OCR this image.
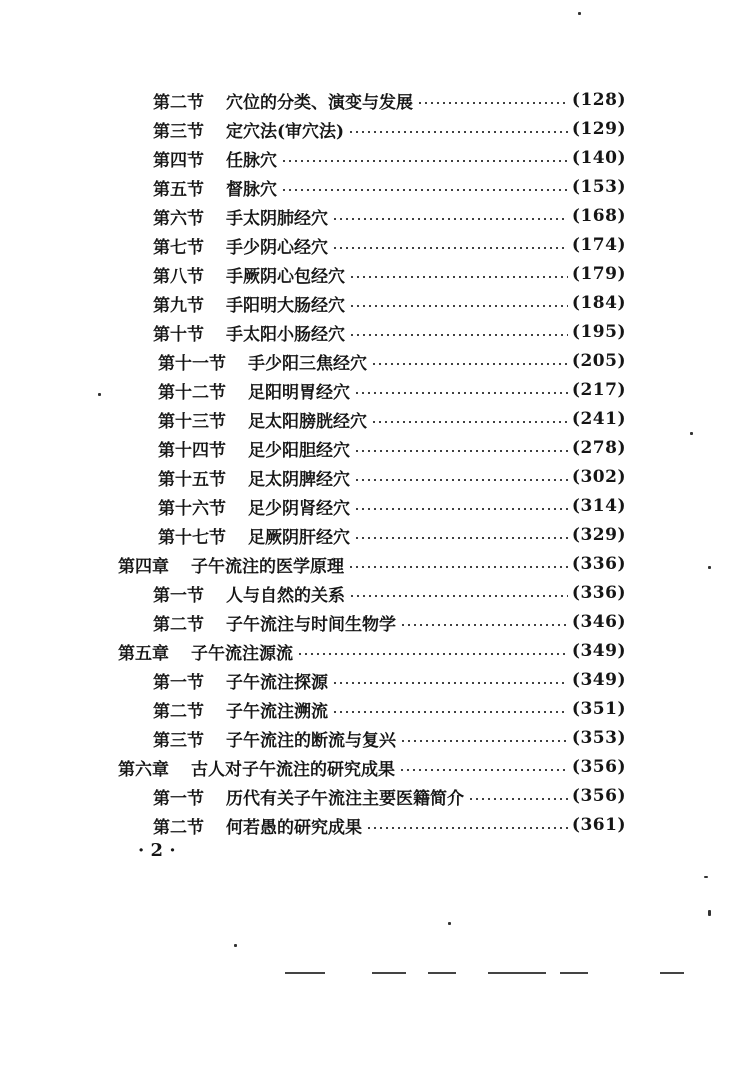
第二节 穴位的分类、演变与发展	(128)
第三节 定穴法(审穴法)	(129)
第四节 任脉穴	(140)
第五节 督脉穴	(153)
第六节 手太阴肺经穴	(168)
第七节 手少阴心经穴	(174)
第八节 手厥阴心包经穴	(179)
第九节 手阳明大肠经穴	(184)
第十节 手太阳小肠经穴	(195)
第十一节 手少阳三焦经穴	(205)
第十二节 足阳明胃经穴	(217)
第十三节 足太阳膀胱经穴	(241)
第十四节 足少阳胆经穴	(278)
第十五节 足太阴脾经穴	(302)
第十六节 足少阴肾经穴	(314)
第十七节 足厥阴肝经穴	(329)
第四章 子午流注的医学原理	(336)
第一节 人与自然的关系	(336)
第二节 子午流注与时间生物学	(346)
第五章 子午流注源流	(349)
第一节 子午流注探源	(349)
第二节 子午流注溯流	(351)
第三节 子午流注的断流与复兴	(353)
第六章 古人对子午流注的研究成果	(356)
第一节 历代有关子午流注主要医籍简介	(356)
第二节 何若愚的研究成果	(361)
· 2 ·
